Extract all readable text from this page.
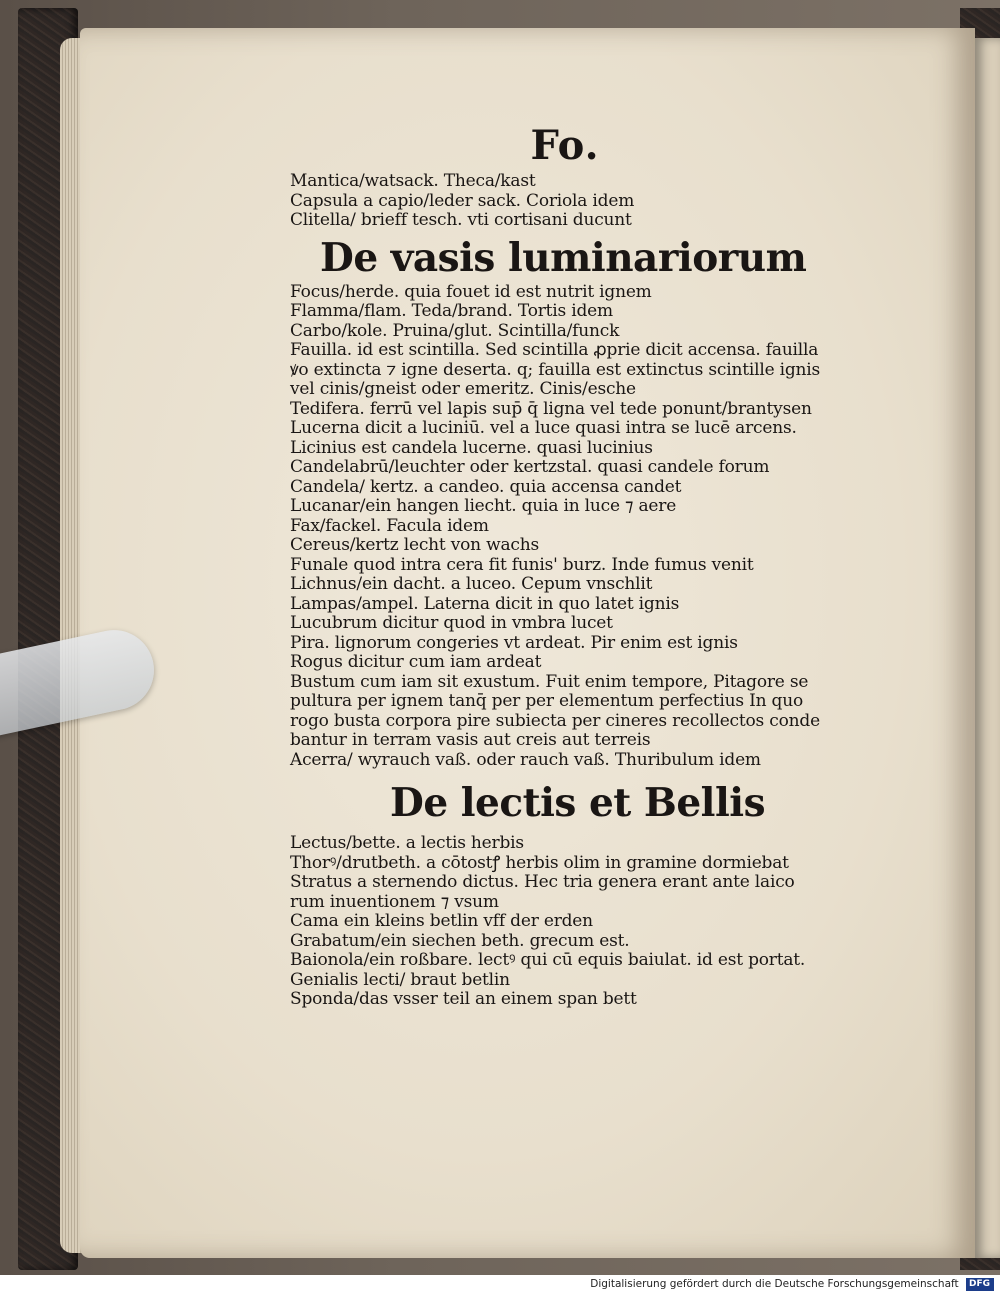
Fo.
Mantica/watsack. Theca/kast
Capsula a capio/leder sack. Coriola idem
Clitella/ brieff tesch. vti cortisani ducunt
De vasis luminariorum
Focus/herde. quia fouet id est nutrit ignem
Flamma/flam. Teda/brand. Tortis idem
Carbo/kole. Pruina/glut. Scintilla/funck
Fauilla. id est scintilla. Sed scintilla ꝓprie dicit accensa. fauilla
ꝟo extincta ⁊ igne deserta. q; fauilla est extinctus scintille ignis
vel cinis/gneist oder emeritz. Cinis/esche
Tedifera. ferrū vel lapis sup̄ q̄ ligna vel tede ponunt/brantysen
Lucerna dicit a luciniū. vel a luce quasi intra se lucē arcens.
Licinius est candela lucerne. quasi lucinius
Candelabrū/leuchter oder kertzstal. quasi candele forum
Candela/ kertz. a candeo. quia accensa candet
Lucanar/ein hangen liecht. quia in luce ⁊ aere
Fax/fackel. Facula idem
Cereus/kertz lecht von wachs
Funale quod intra cera fit funis' burz. Inde fumus venit
Lichnus/ein dacht. a luceo. Cepum vnschlit
Lampas/ampel. Laterna dicit in quo latet ignis
Lucubrum dicitur quod in vmbra lucet
Pira. lignorum congeries vt ardeat. Pir enim est ignis
Rogus dicitur cum iam ardeat
Bustum cum iam sit exustum. Fuit enim tempore, Pitagore se
pultura per ignem tanq̄ per per elementum perfectius In quo
rogo busta corpora pire subiecta per cineres recollectos conde
bantur in terram vasis aut creis aut terreis
Acerra/ wyrauch vaß. oder rauch vaß. Thuribulum idem
De lectis et Bellis
Lectus/bette. a lectis herbis
Thorꝰ/drutbeth. a cōtostꝭ herbis olim in gramine dormiebat
Stratus a sternendo dictus. Hec tria genera erant ante laico
rum inuentionem ⁊ vsum
Cama ein kleins betlin vff der erden
Grabatum/ein siechen beth. grecum est.
Baionola/ein roßbare. lectꝰ qui cū equis baiulat. id est portat.
Genialis lecti/ braut betlin
Sponda/das vsser teil an einem span bett
Digitalisierung gefördert durch die Deutsche Forschungsgemeinschaft DFG
